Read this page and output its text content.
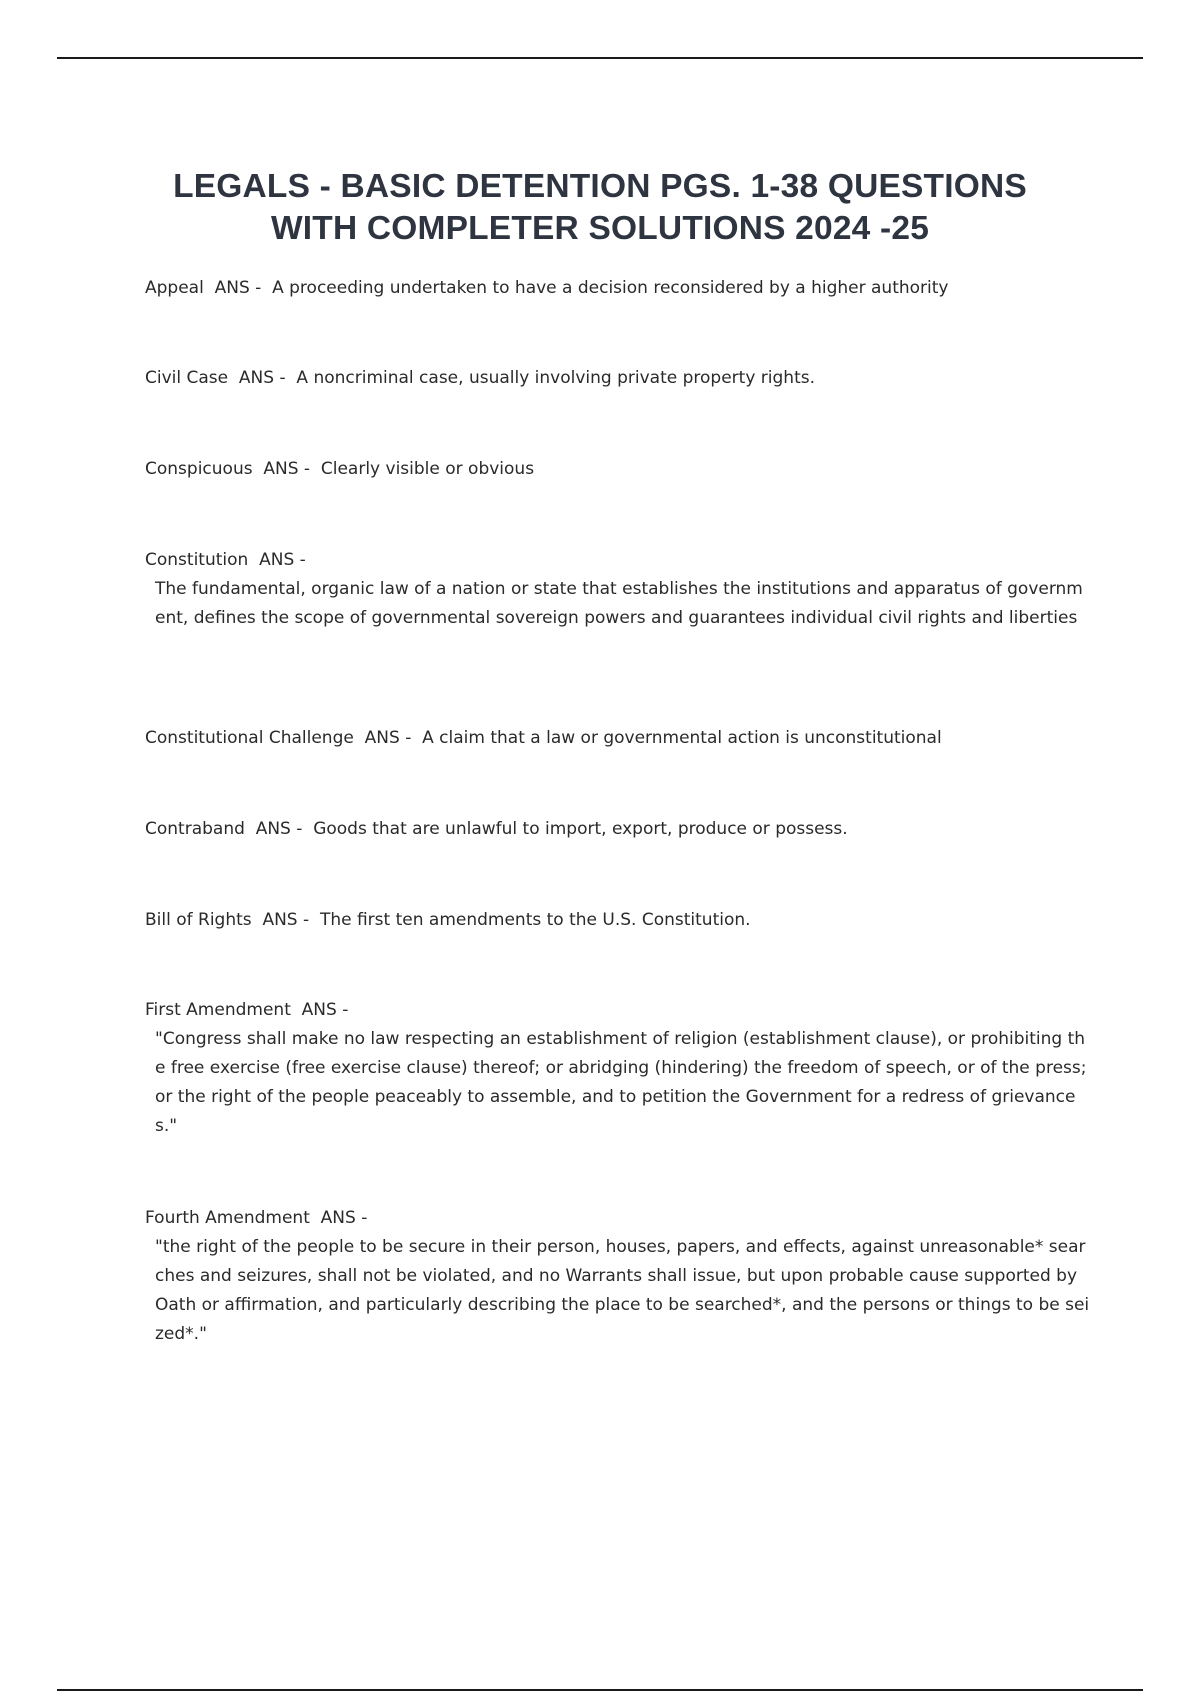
LEGALS - BASIC DETENTION PGS. 1-38 QUESTIONS
WITH COMPLETER SOLUTIONS 2024 -25
Appeal  ANS -  A proceeding undertaken to have a decision reconsidered by a higher authority
Civil Case  ANS -  A noncriminal case, usually involving private property rights.
Conspicuous  ANS -  Clearly visible or obvious
Constitution  ANS -
The fundamental, organic law of a nation or state that establishes the institutions and apparatus of government, defines the scope of governmental sovereign powers and guarantees individual civil rights and liberties
Constitutional Challenge  ANS -  A claim that a law or governmental action is unconstitutional
Contraband  ANS -  Goods that are unlawful to import, export, produce or possess.
Bill of Rights  ANS -  The first ten amendments to the U.S. Constitution.
First Amendment  ANS -
"Congress shall make no law respecting an establishment of religion (establishment clause), or prohibiting the free exercise (free exercise clause) thereof; or abridging (hindering) the freedom of speech, or of the press; or the right of the people peaceably to assemble, and to petition the Government for a redress of grievances."
Fourth Amendment  ANS -
"the right of the people to be secure in their person, houses, papers, and effects, against unreasonable* searches and seizures, shall not be violated, and no Warrants shall issue, but upon probable cause supported by Oath or affirmation, and particularly describing the place to be searched*, and the persons or things to be seized*."
